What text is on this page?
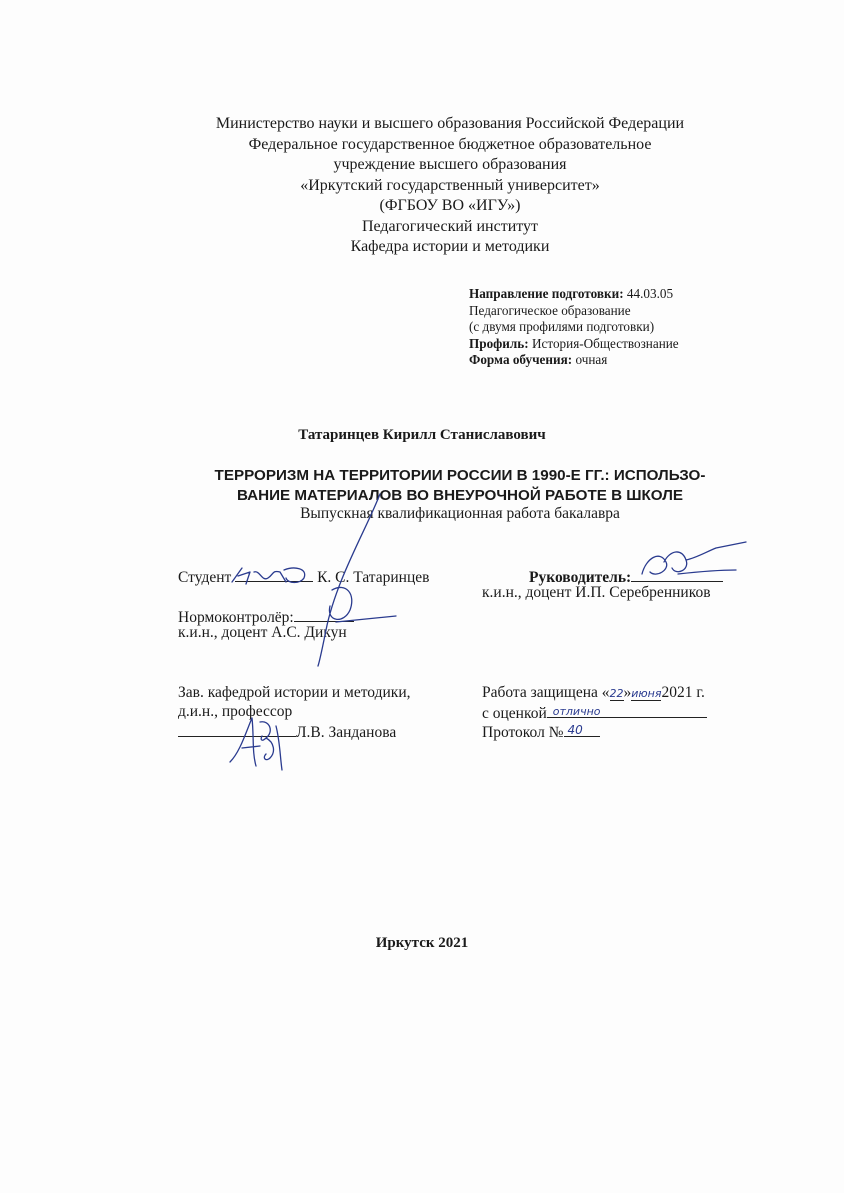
Министерство науки и высшего образования Российской Федерации
Федеральное государственное бюджетное образовательное
учреждение высшего образования
«Иркутский государственный университет»
(ФГБОУ ВО «ИГУ»)
Педагогический институт
Кафедра истории и методики
Направление подготовки: 44.03.05
Педагогическое образование
(с двумя профилями подготовки)
Профиль: История-Обществознание
Форма обучения: очная
Татаринцев Кирилл Станиславович
ТЕРРОРИЗМ НА ТЕРРИТОРИИ РОССИИ В 1990-Е ГГ.: ИСПОЛЬЗО-
ВАНИЕ МАТЕРИАЛОВ ВО ВНЕУРОЧНОЙ РАБОТЕ В ШКОЛЕ
Выпускная квалификационная работа бакалавра
Студент	К. С. Татаринцев	Руководитель:
к.и.н., доцент И.П. Серебренников
Нормоконтролёр:
к.и.н., доцент А.С. Дикун
Зав. кафедрой истории и методики,
д.и.н., профессор
Л.В. Занданова
Работа защищена «22»июня2021 г.
с оценкой отлично
Протокол № 40
Иркутск 2021
